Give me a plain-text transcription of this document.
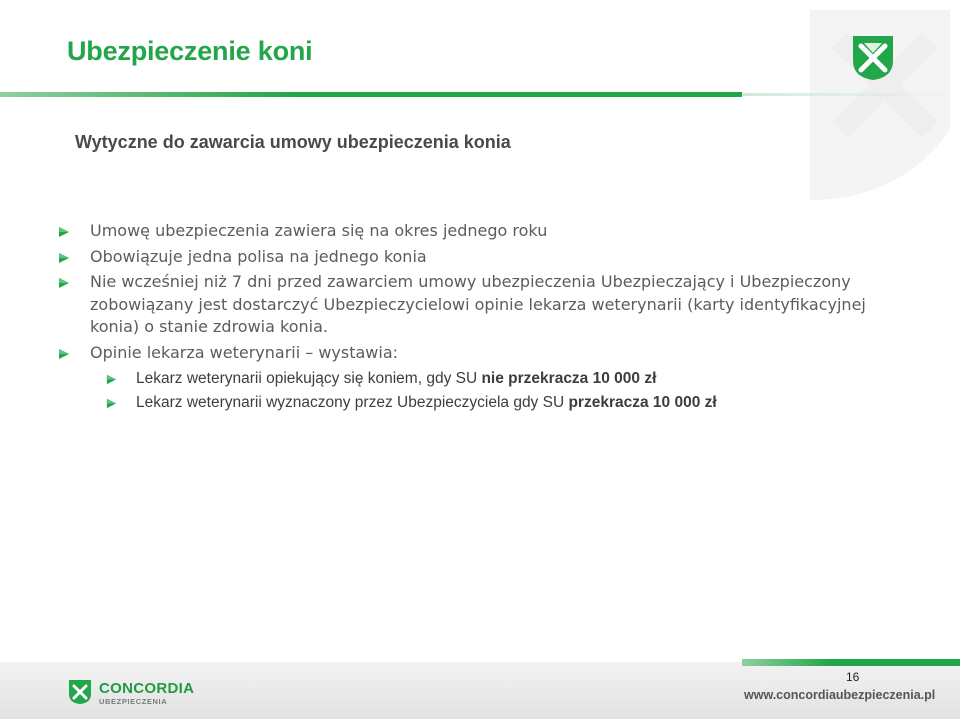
Ubezpieczenie koni
Wytyczne do zawarcia umowy ubezpieczenia konia
Umowę ubezpieczenia zawiera się na okres jednego roku
Obowiązuje jedna polisa na jednego konia
Nie wcześniej niż 7 dni przed zawarciem umowy ubezpieczenia Ubezpieczający i Ubezpieczony zobowiązany jest dostarczyć Ubezpieczycielowi opinie lekarza weterynarii (karty identyfikacyjnej konia) o stanie zdrowia konia.
Opinie lekarza weterynarii – wystawia:
Lekarz weterynarii opiekujący się koniem, gdy SU nie przekracza 10 000 zł
Lekarz weterynarii wyznaczony przez Ubezpieczyciela gdy SU przekracza 10 000 zł
CONCORDIA
UBEZPIECZENIA
16
www.concordiaubezpieczenia.pl
